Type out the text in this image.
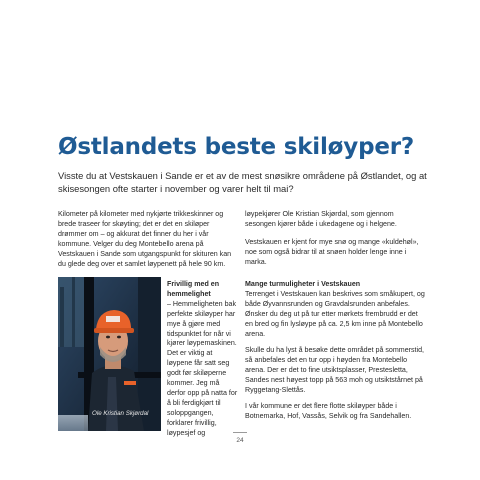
Østlandets beste skiløyper?

Visste du at Vestskauen i Sande er et av de mest snøsikre områdene på Østlandet, og at skisesongen ofte starter i november og varer helt til mai?

Kilometer på kilometer med nykjørte trikkeskinner og brede traseer for skøyting; det er det en skiløper drømmer om – og akkurat det finner du her i vår kommune. Velger du deg Montebello arena på Vestskauen i Sande som utgangspunkt for skituren kan du glede deg over et samlet løypenett på hele 90 km.

Ole Kristian Skjørdal

Frivillig med en hemmelighet
– Hemmeligheten bak perfekte skiløyper har mye å gjøre med tidspunktet for når vi kjører løypemaskinen. Det er viktig at løypene får satt seg godt før skiløperne kommer. Jeg må derfor opp på natta for å bli ferdigkjørt til soloppgangen, forklarer frivillig, løypesjef og

løypekjører Ole Kristian Skjørdal, som gjennom sesongen kjører både i ukedagene og i helgene.

Vestskauen er kjent for mye snø og mange «kuldehøl», noe som også bidrar til at snøen holder lenge inne i marka.

Mange turmuligheter i Vestskauen
Terrenget i Vestskauen kan beskrives som småkupert, og både Øyvannsrunden og Gravdalsrunden anbefales. Ønsker du deg ut på tur etter mørkets frembrudd er det en bred og fin lysløype på ca. 2,5 km inne på Montebello arena.

Skulle du ha lyst å besøke dette området på sommerstid, så anbefales det en tur opp i høyden fra Montebello arena. Der er det to fine utsiktsplasser, Prestesletta, Sandes nest høyest topp på 563 moh og utsiktstårnet på Ryggetang-Slettås.

I vår kommune er det flere flotte skiløyper både i Botnemarka, Hof, Vassås, Selvik og fra Sandehallen.

24
